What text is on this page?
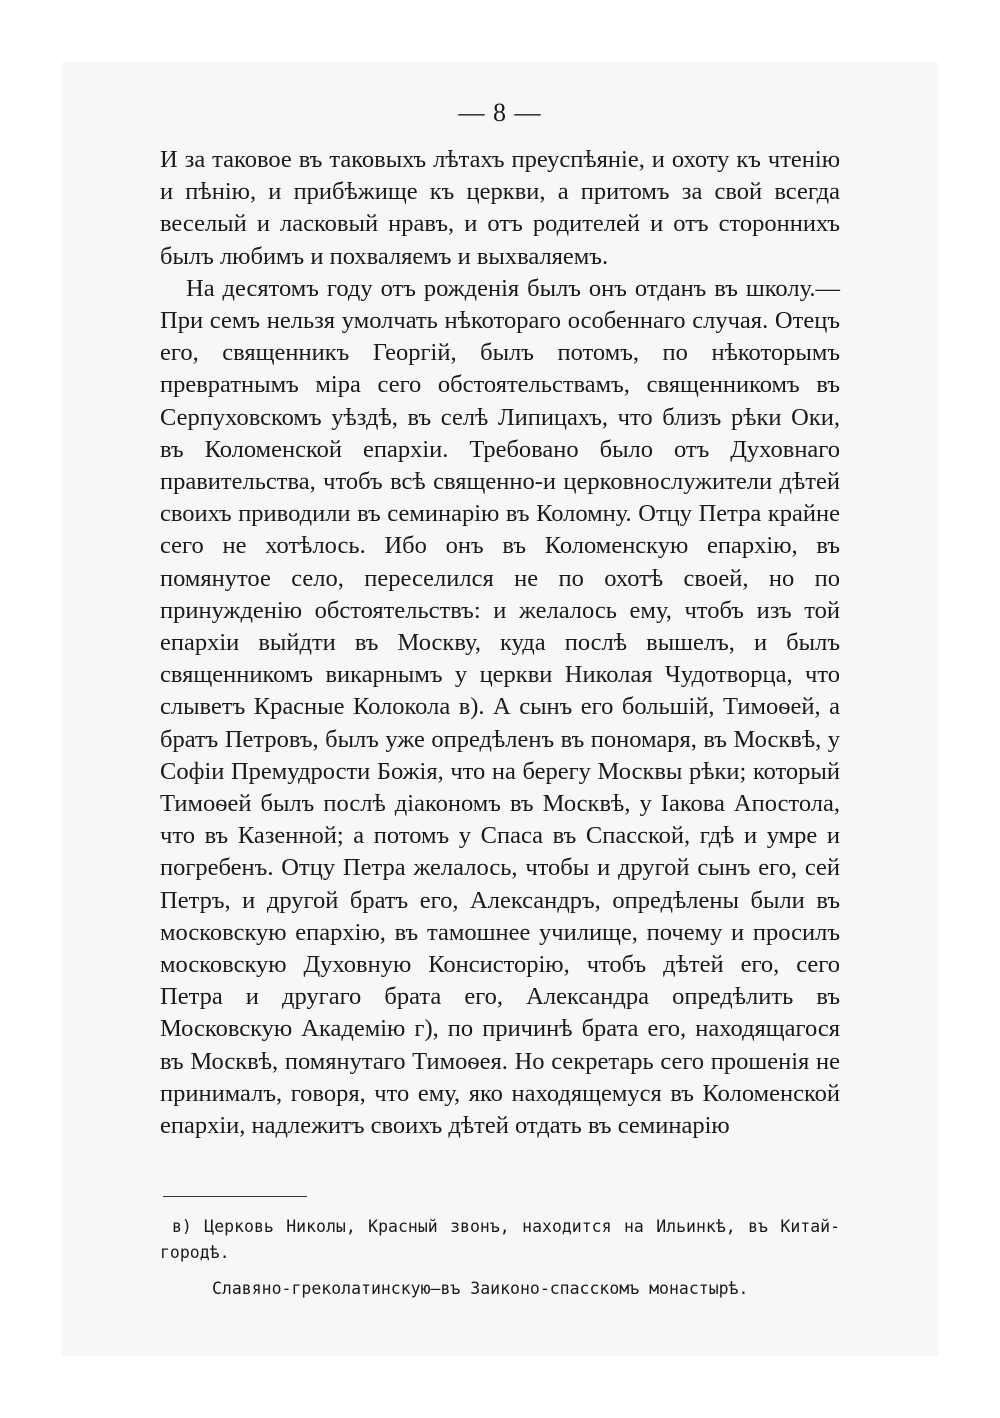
— 8 —

И за таковое въ таковыхъ лѣтахъ преуспѣяніе, и охоту къ чтенію и пѣнію, и прибѣжище къ церкви, а притомъ за свой всегда веселый и ласковый нравъ, и отъ родителей и отъ стороннихъ былъ любимъ и похваляемъ и выхваляемъ.

На десятомъ году отъ рожденія былъ онъ отданъ въ школу.—При семъ нельзя умолчать нѣкотораго особеннаго случая. Отецъ его, священникъ Георгій, былъ потомъ, по нѣкоторымъ превратнымъ міра сего обстоятельствамъ, священникомъ въ Серпуховскомъ уѣздѣ, въ селѣ Липицахъ, что близъ рѣки Оки, въ Коломенской епархіи. Требовано было отъ Духовнаго правительства, чтобъ всѣ священно-и церковнослужители дѣтей своихъ приводили въ семинарію въ Коломну. Отцу Петра крайне сего не хотѣлось. Ибо онъ въ Коломенскую епархію, въ помянутое село, переселился не по охотѣ своей, но по принужденію обстоятельствъ: и желалось ему, чтобъ изъ той епархіи выйдти въ Москву, куда послѣ вышелъ, и былъ священникомъ викарнымъ у церкви Николая Чудотворца, что слыветъ Красные Колокола в). А сынъ его большій, Тимоѳей, а братъ Петровъ, былъ уже опредѣленъ въ пономаря, въ Москвѣ, у Софіи Премудрости Божія, что на берегу Москвы рѣки; который Тимоѳей былъ послѣ діакономъ въ Москвѣ, у Іакова Апостола, что въ Казенной; а потомъ у Спаса въ Спасской, гдѣ и умре и погребенъ. Отцу Петра желалось, чтобы и другой сынъ его, сей Петръ, и другой братъ его, Александръ, опредѣлены были въ московскую епархію, въ тамошнее училище, почему и просилъ московскую Духовную Консисторію, чтобъ дѣтей его, сего Петра и другаго брата его, Александра опредѣлить въ Московскую Академію г), по причинѣ брата его, находящагося въ Москвѣ, помянутаго Тимоѳея. Но секретарь сего прошенія не принималъ, говоря, что ему, яко находящемуся въ Коломенской епархіи, надлежитъ своихъ дѣтей отдать въ семинарію

в) Церковь Николы, Красный звонъ, находится на Ильинкѣ, въ Китай-городѣ.

Славяно-греколатинскую—въ Заиконо-спасскомъ монастырѣ.
